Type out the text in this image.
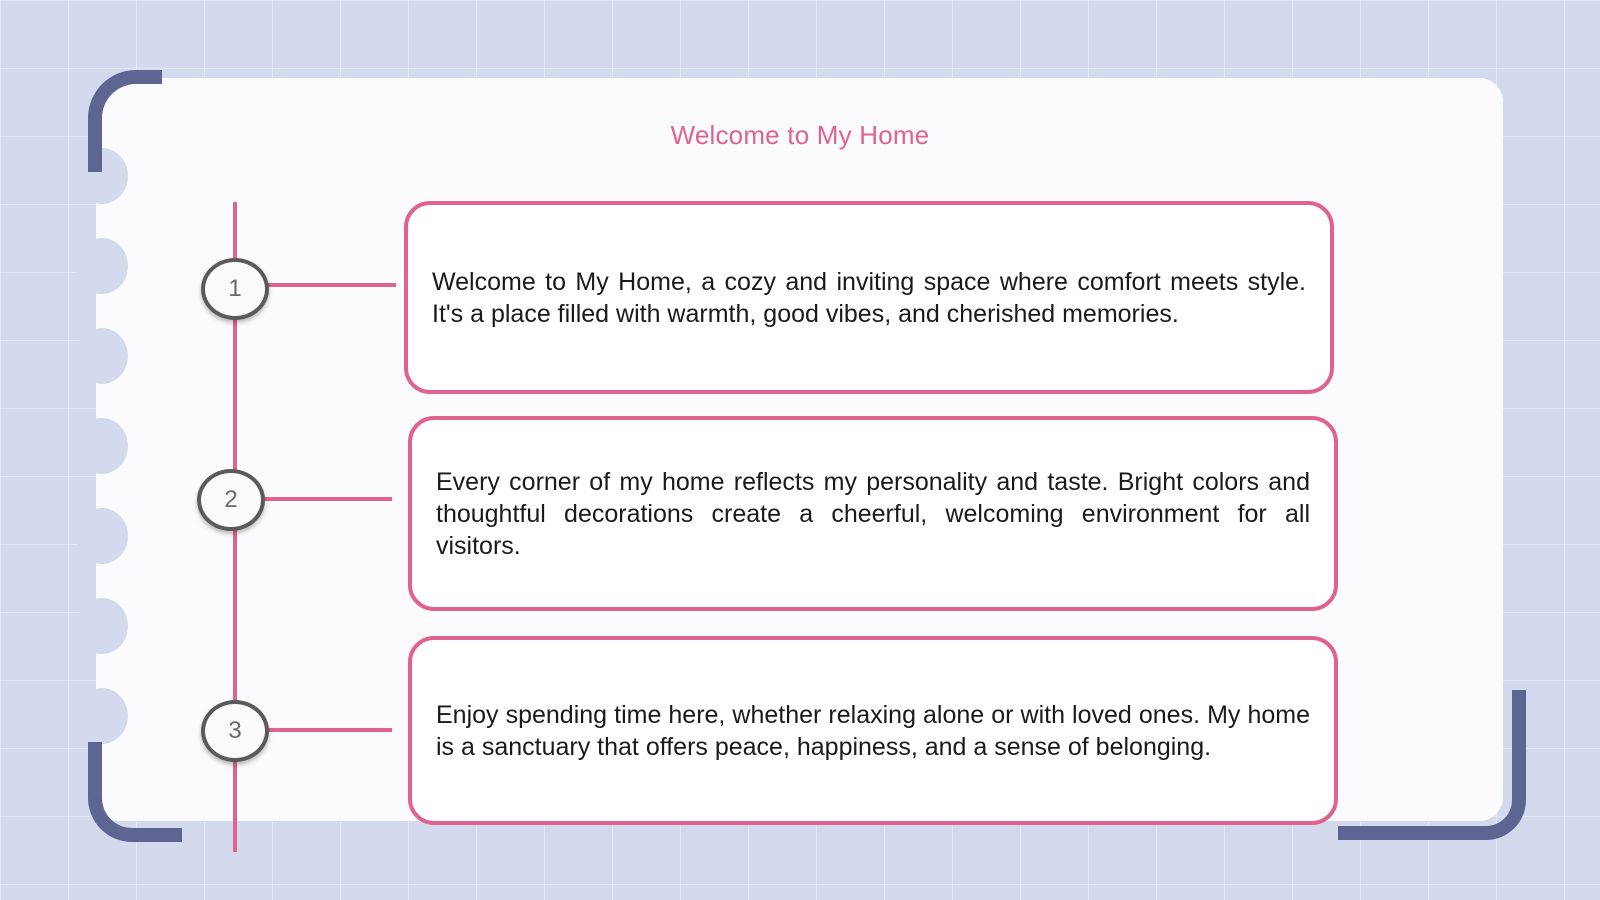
Welcome to My Home
1
2
3

Welcome to My Home, a cozy and inviting space where comfort meets style. It's a place filled with warmth, good vibes, and cherished memories.

Every corner of my home reflects my personality and taste. Bright colors and thoughtful decorations create a cheerful, welcoming environment for all visitors.

Enjoy spending time here, whether relaxing alone or with loved ones. My home is a sanctuary that offers peace, happiness, and a sense of belonging.
